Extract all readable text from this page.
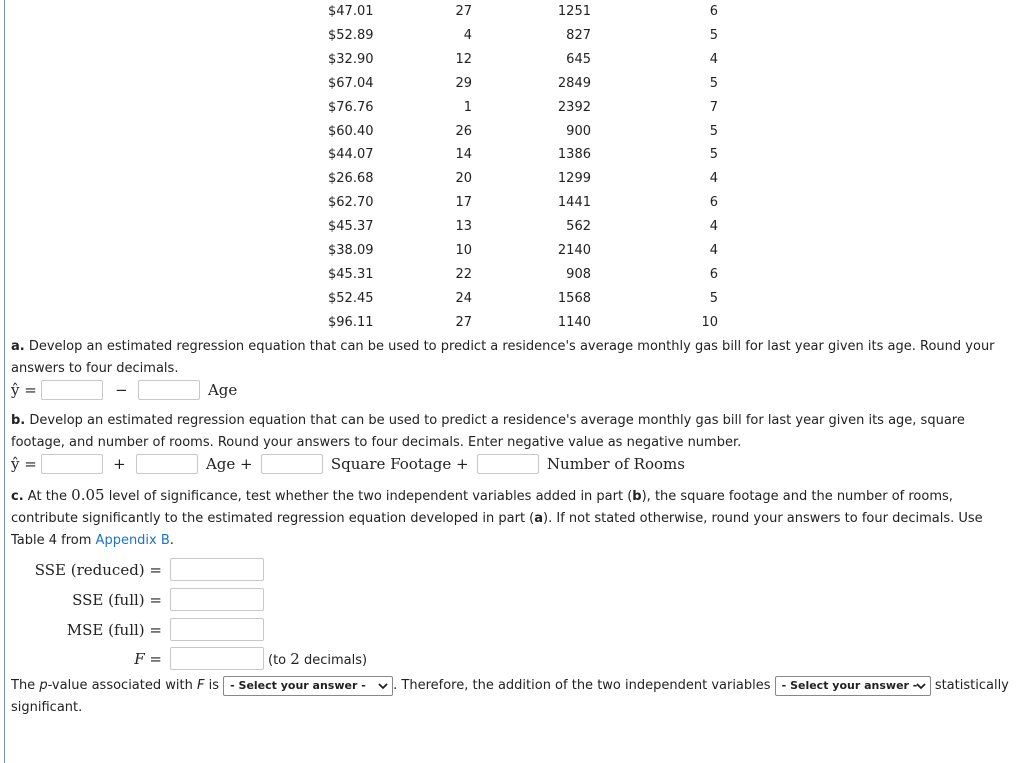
$47.01	27	1251	6
$52.89	4	827	5
$32.90	12	645	4
$67.04	29	2849	5
$76.76	1	2392	7
$60.40	26	900	5
$44.07	14	1386	5
$26.68	20	1299	4
$62.70	17	1441	6
$45.37	13	562	4
$38.09	10	2140	4
$45.31	22	908	6
$52.45	24	1568	5
$96.11	27	1140	10
a. Develop an estimated regression equation that can be used to predict a residence's average monthly gas bill for last year given its age. Round your answers to four decimals.
ŷ =	−	Age
b. Develop an estimated regression equation that can be used to predict a residence's average monthly gas bill for last year given its age, square footage, and number of rooms. Round your answers to four decimals. Enter negative value as negative number.
ŷ =	+	Age +	Square Footage +	Number of Rooms
c. At the 0.05 level of significance, test whether the two independent variables added in part (b), the square footage and the number of rooms, contribute significantly to the estimated regression equation developed in part (a). If not stated otherwise, round your answers to four decimals. Use Table 4 from Appendix B.
SSE (reduced) =
SSE (full) =
MSE (full) =
F =	(to 2 decimals)
The p-value associated with F is - Select your answer - . Therefore, the addition of the two independent variables - Select your answer - statistically significant.
